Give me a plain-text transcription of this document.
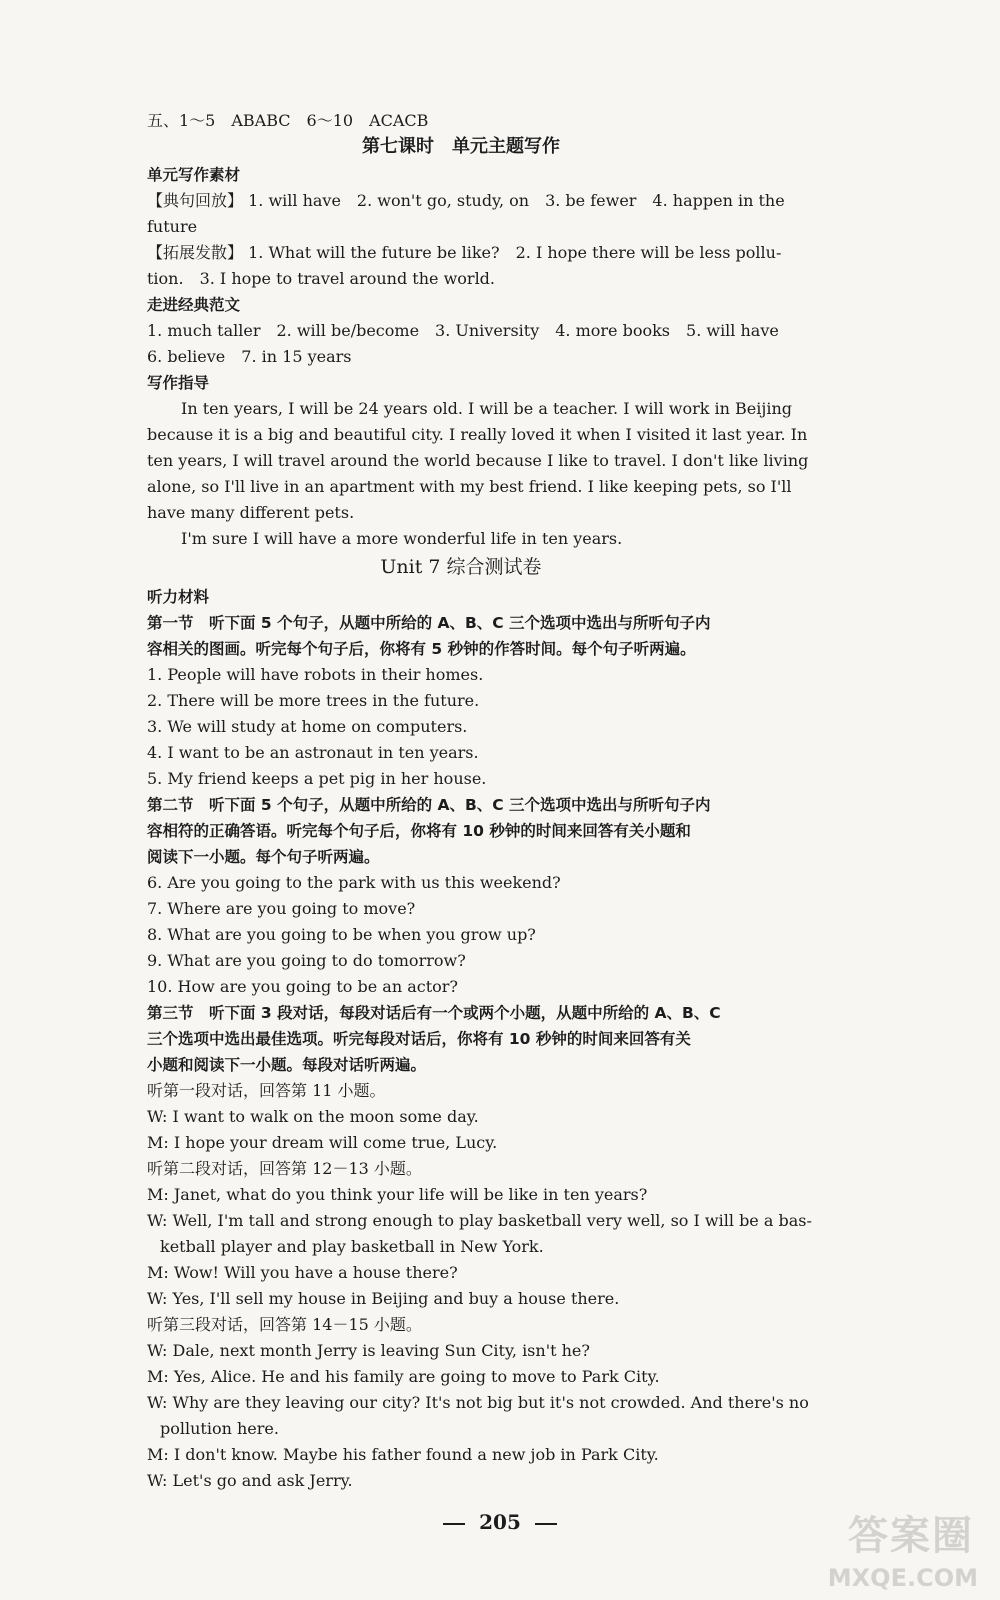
五、1～5　ABABC　6～10　ACACB
第七课时　单元主题写作
单元写作素材
【典句回放】 1. will have　2. won't go, study, on　3. be fewer　4. happen in the
future
【拓展发散】 1. What will the future be like?　2. I hope there will be less pollu-
tion.　3. I hope to travel around the world.
走进经典范文
1. much taller　2. will be/become　3. University　4. more books　5. will have
6. believe　7. in 15 years
写作指导
In ten years, I will be 24 years old. I will be a teacher. I will work in Beijing
because it is a big and beautiful city. I really loved it when I visited it last year. In
ten years, I will travel around the world because I like to travel. I don't like living
alone, so I'll live in an apartment with my best friend. I like keeping pets, so I'll
have many different pets.
I'm sure I will have a more wonderful life in ten years.
Unit 7 综合测试卷
听力材料
第一节　听下面 5 个句子，从题中所给的 A、B、C 三个选项中选出与所听句子内
容相关的图画。听完每个句子后，你将有 5 秒钟的作答时间。每个句子听两遍。
1. People will have robots in their homes.
2. There will be more trees in the future.
3. We will study at home on computers.
4. I want to be an astronaut in ten years.
5. My friend keeps a pet pig in her house.
第二节　听下面 5 个句子，从题中所给的 A、B、C 三个选项中选出与所听句子内
容相符的正确答语。听完每个句子后，你将有 10 秒钟的时间来回答有关小题和
阅读下一小题。每个句子听两遍。
6. Are you going to the park with us this weekend?
7. Where are you going to move?
8. What are you going to be when you grow up?
9. What are you going to do tomorrow?
10. How are you going to be an actor?
第三节　听下面 3 段对话，每段对话后有一个或两个小题，从题中所给的 A、B、C
三个选项中选出最佳选项。听完每段对话后，你将有 10 秒钟的时间来回答有关
小题和阅读下一小题。每段对话听两遍。
听第一段对话，回答第 11 小题。
W: I want to walk on the moon some day.
M: I hope your dream will come true, Lucy.
听第二段对话，回答第 12－13 小题。
M: Janet, what do you think your life will be like in ten years?
W: Well, I'm tall and strong enough to play basketball very well, so I will be a bas-
ketball player and play basketball in New York.
M: Wow! Will you have a house there?
W: Yes, I'll sell my house in Beijing and buy a house there.
听第三段对话，回答第 14－15 小题。
W: Dale, next month Jerry is leaving Sun City, isn't he?
M: Yes, Alice. He and his family are going to move to Park City.
W: Why are they leaving our city? It's not big but it's not crowded. And there's no
pollution here.
M: I don't know. Maybe his father found a new job in Park City.
W: Let's go and ask Jerry.
205	答案圈
MXQE.COM
